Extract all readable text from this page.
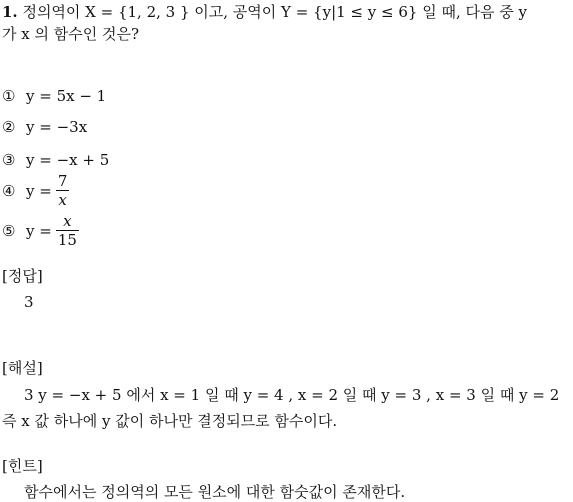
1. 정의역이 X = {1, 2, 3 } 이고, 공역이 Y = {y|1 ≤ y ≤ 6} 일 때, 다음 중 y
가 x 의 함수인 것은?
① y = 5x − 1
② y = −3x
③ y = −x + 5
④ $y = \frac{7}{x}$
⑤ $y = \frac{x}{15}$
[정답]
3
[해설]
3 y = −x + 5 에서 x = 1 일 때 y = 4 , x = 2 일 때 y = 3 , x = 3 일 때 y = 2
즉 x 값 하나에 y 값이 하나만 결정되므로 함수이다.
[힌트]
함수에서는 정의역의 모든 원소에 대한 함숫값이 존재한다.
